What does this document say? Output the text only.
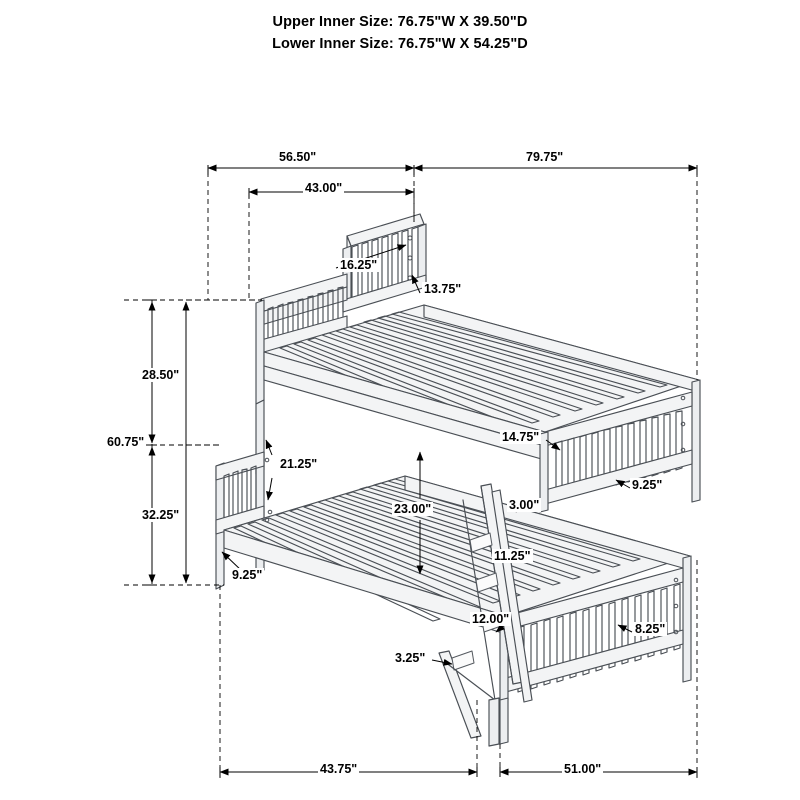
Upper Inner Size: 76.75"W X 39.50"D
Lower Inner Size: 76.75"W X 54.25"D
56.50"	79.75"
43.00"
16.25"
13.75"
28.50"
60.75"
32.25"
21.25"
23.00"
14.75"
3.00"
11.25"
12.00"
3.25"
9.25"
9.25"
8.25"
43.75"	51.00"
